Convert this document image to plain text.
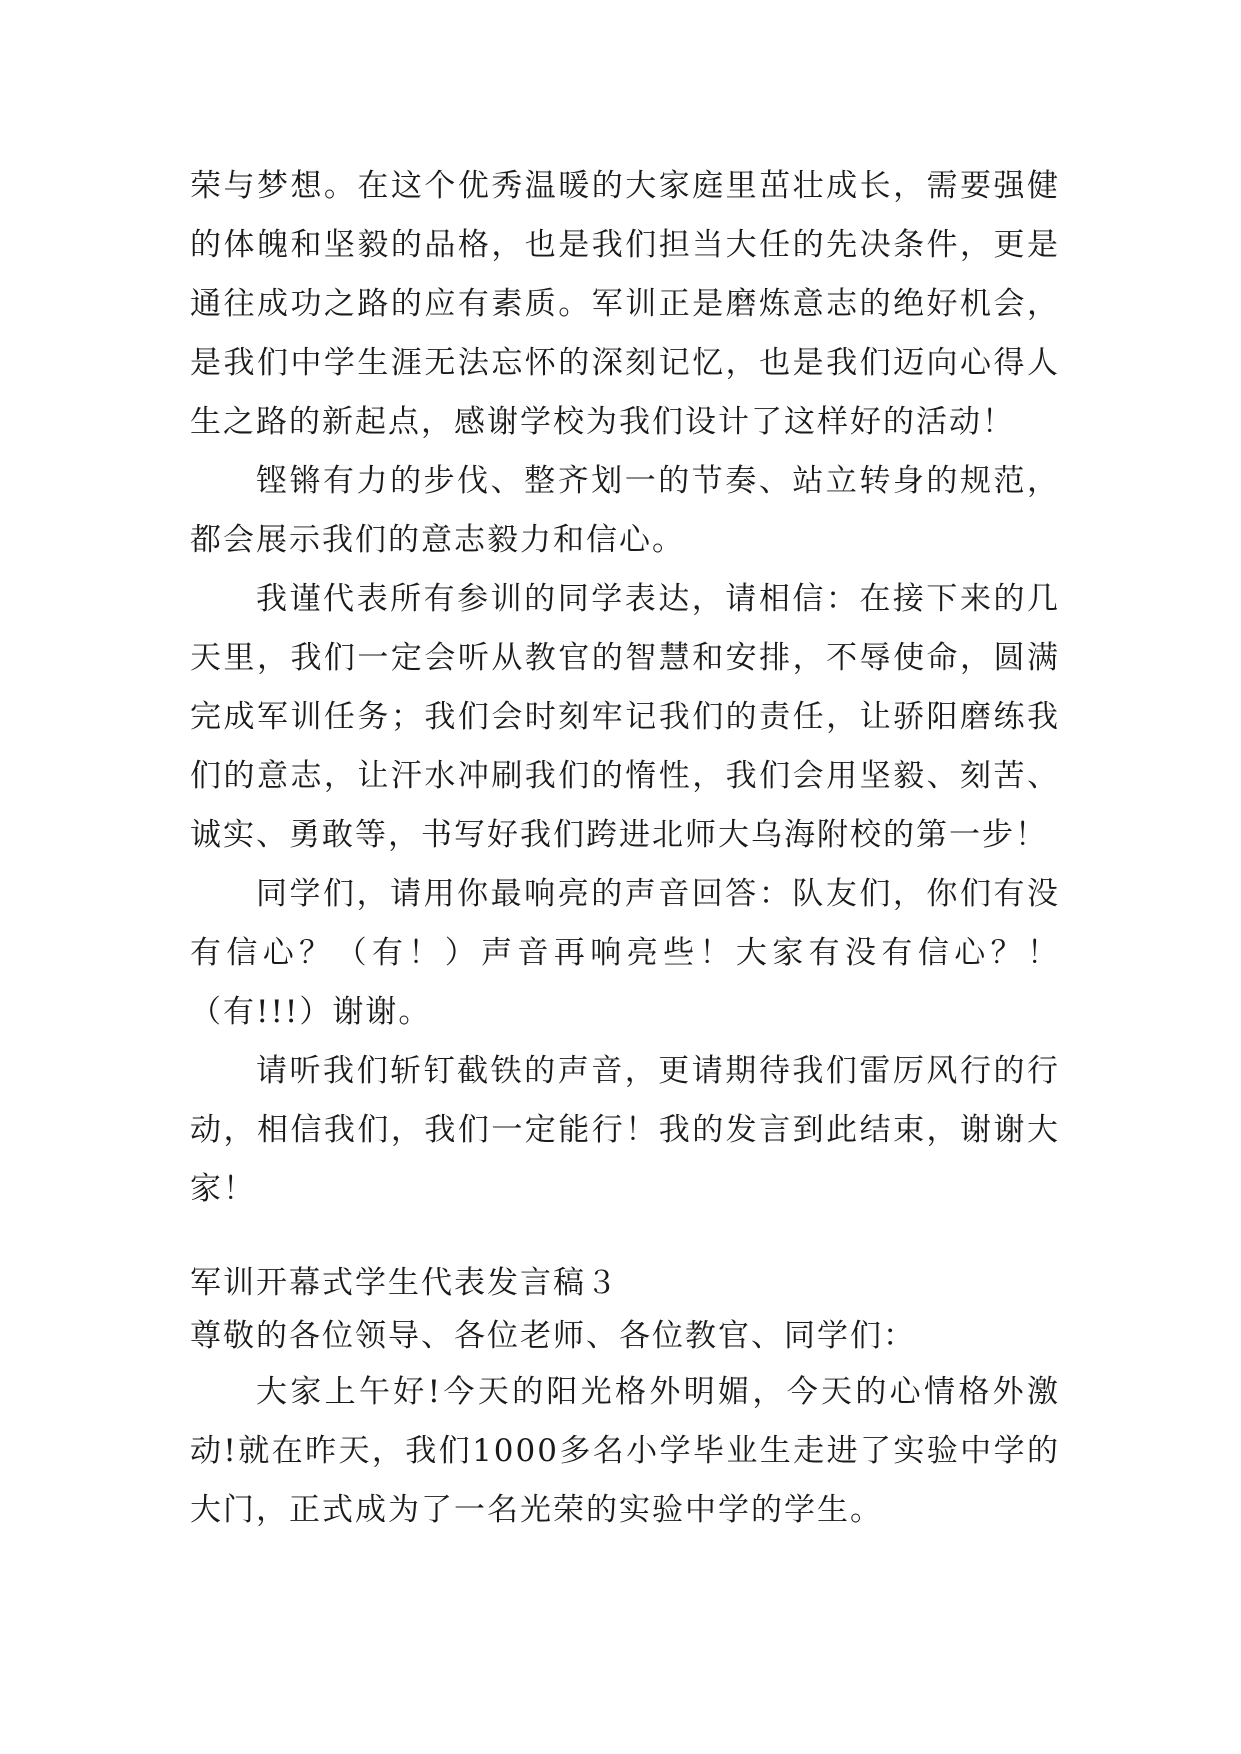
荣与梦想。在这个优秀温暖的大家庭里茁壮成长，需要强健的体魄和坚毅的品格，也是我们担当大任的先决条件，更是通往成功之路的应有素质。军训正是磨炼意志的绝好机会，是我们中学生涯无法忘怀的深刻记忆，也是我们迈向心得人生之路的新起点，感谢学校为我们设计了这样好的活动！

铿锵有力的步伐、整齐划一的节奏、站立转身的规范，都会展示我们的意志毅力和信心。

我谨代表所有参训的同学表达，请相信：在接下来的几天里，我们一定会听从教官的智慧和安排，不辱使命，圆满完成军训任务；我们会时刻牢记我们的责任，让骄阳磨练我们的意志，让汗水冲刷我们的惰性，我们会用坚毅、刻苦、诚实、勇敢等，书写好我们跨进北师大乌海附校的第一步！

同学们，请用你最响亮的声音回答：队友们，你们有没有信心？（有！）声音再响亮些！大家有没有信心？！（有!!!）谢谢。

请听我们斩钉截铁的声音，更请期待我们雷厉风行的行动，相信我们，我们一定能行！我的发言到此结束，谢谢大家！

军训开幕式学生代表发言稿３

尊敬的各位领导、各位老师、各位教官、同学们：

大家上午好!今天的阳光格外明媚，今天的心情格外激动!就在昨天，我们1000多名小学毕业生走进了实验中学的大门，正式成为了一名光荣的实验中学的学生。
